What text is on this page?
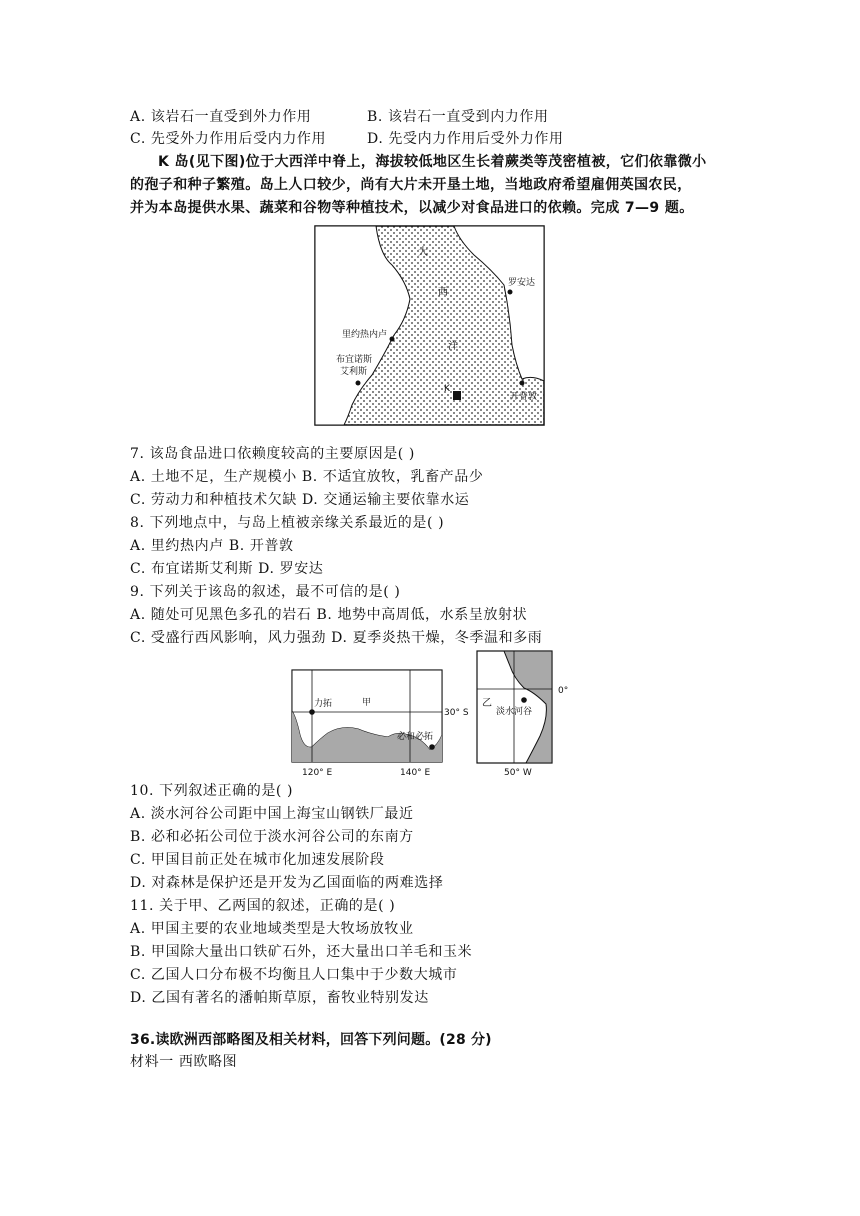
A. 该岩石一直受到外力作用	B. 该岩石一直受到内力作用
C. 先受外力作用后受内力作用	D. 先受内力作用后受外力作用
K 岛(见下图)位于大西洋中脊上，海拔较低地区生长着蕨类等茂密植被，它们依靠微小
的孢子和种子繁殖。岛上人口较少，尚有大片未开垦土地，当地政府希望雇佣英国农民，
并为本岛提供水果、蔬菜和谷物等种植技术，以减少对食品进口的依赖。完成 7—9 题。
大
西
洋
里约热内卢
布宜诺斯
艾利斯
罗安达
开普敦
K
7. 该岛食品进口依赖度较高的主要原因是( )
A. 土地不足，生产规模小 B. 不适宜放牧，乳畜产品少
C. 劳动力和种植技术欠缺 D. 交通运输主要依靠水运
8. 下列地点中，与岛上植被亲缘关系最近的是( )
A. 里约热内卢 B. 开普敦
C. 布宜诺斯艾利斯 D. 罗安达
9. 下列关于该岛的叙述，最不可信的是( )
A. 随处可见黑色多孔的岩石 B. 地势中高周低，水系呈放射状
C. 受盛行西风影响，风力强劲 D. 夏季炎热干燥，冬季温和多雨
力拓	甲
必和必拓
30° S
120° E	140° E
乙
淡水河谷
0°
50° W
10. 下列叙述正确的是( )
A. 淡水河谷公司距中国上海宝山钢铁厂最近
B. 必和必拓公司位于淡水河谷公司的东南方
C. 甲国目前正处在城市化加速发展阶段
D. 对森林是保护还是开发为乙国面临的两难选择
11. 关于甲、乙两国的叙述，正确的是( )
A. 甲国主要的农业地域类型是大牧场放牧业
B. 甲国除大量出口铁矿石外，还大量出口羊毛和玉米
C. 乙国人口分布极不均衡且人口集中于少数大城市
D. 乙国有著名的潘帕斯草原，畜牧业特别发达
36.读欧洲西部略图及相关材料，回答下列问题。(28 分)
材料一 西欧略图
